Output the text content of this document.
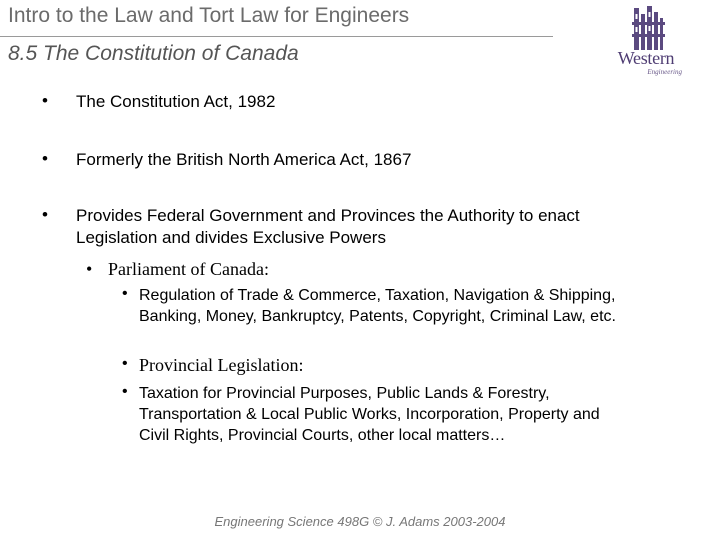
Intro to the Law and Tort Law for Engineers
8.5 The Constitution of Canada	Western
Engineering
•	The Constitution Act, 1982
•	Formerly the British North America Act, 1867
•	Provides Federal Government and Provinces the Authority to enact Legislation and divides Exclusive Powers
• Parliament of Canada:
• Regulation of Trade & Commerce, Taxation, Navigation & Shipping, Banking, Money, Bankruptcy, Patents, Copyright, Criminal Law, etc.
• Provincial Legislation:
• Taxation for Provincial Purposes, Public Lands & Forestry, Transportation & Local Public Works, Incorporation, Property and Civil Rights, Provincial Courts, other local matters…
Engineering Science 498G © J. Adams 2003-2004
